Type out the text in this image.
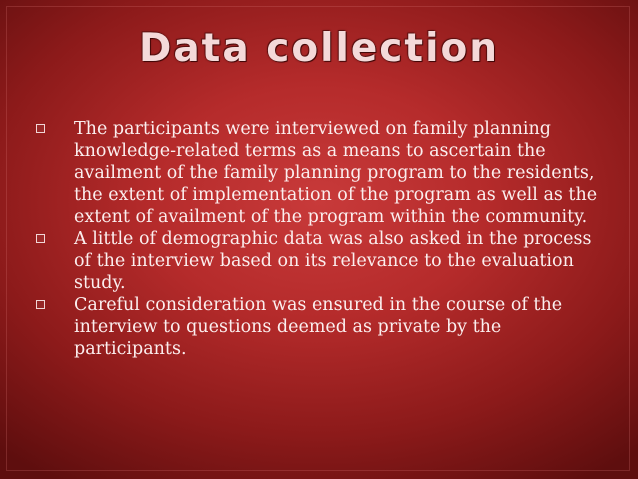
Data collection
The participants were interviewed on family planning knowledge-related terms as a means to ascertain the availment of the family planning program to the residents, the extent of implementation of the program as well as the extent of availment of the program within the community.
A little of demographic data was also asked in the process of the interview based on its relevance to the evaluation study.
Careful consideration was ensured in the course of the interview to questions deemed as private by the participants.
